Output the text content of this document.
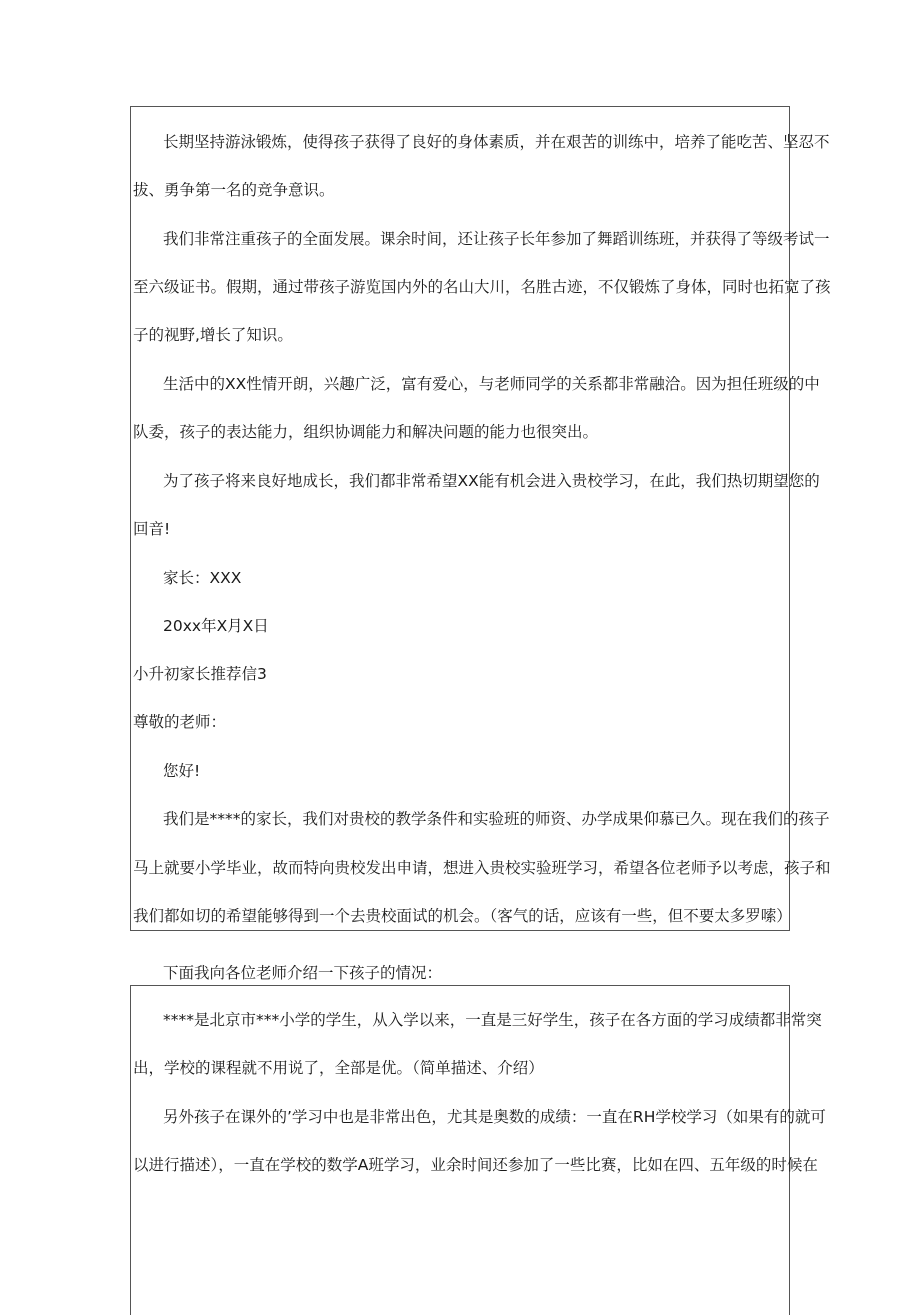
长期坚持游泳锻炼，使得孩子获得了良好的身体素质，并在艰苦的训练中，培养了能吃苦、坚忍不
拔、勇争第一名的竞争意识。
我们非常注重孩子的全面发展。课余时间，还让孩子长年参加了舞蹈训练班，并获得了等级考试一
至六级证书。假期，通过带孩子游览国内外的名山大川，名胜古迹，不仅锻炼了身体，同时也拓宽了孩
子的视野,增长了知识。
生活中的XX性情开朗，兴趣广泛，富有爱心，与老师同学的关系都非常融洽。因为担任班级的中
队委，孩子的表达能力，组织协调能力和解决问题的能力也很突出。
为了孩子将来良好地成长，我们都非常希望XX能有机会进入贵校学习，在此，我们热切期望您的
回音!
家长：XXX
20xx年X月X日
小升初家长推荐信3
尊敬的老师：
您好!
我们是****的家长，我们对贵校的教学条件和实验班的师资、办学成果仰慕已久。现在我们的孩子
马上就要小学毕业，故而特向贵校发出申请，想进入贵校实验班学习，希望各位老师予以考虑，孩子和
我们都如切的希望能够得到一个去贵校面试的机会。（客气的话，应该有一些，但不要太多罗嗦）
下面我向各位老师介绍一下孩子的情况：
****是北京市***小学的学生，从入学以来，一直是三好学生，孩子在各方面的学习成绩都非常突
出，学校的课程就不用说了，全部是优。（简单描述、介绍）
另外孩子在课外的’学习中也是非常出色，尤其是奥数的成绩：一直在RH学校学习（如果有的就可
以进行描述），一直在学校的数学A班学习，业余时间还参加了一些比赛，比如在四、五年级的时候在
